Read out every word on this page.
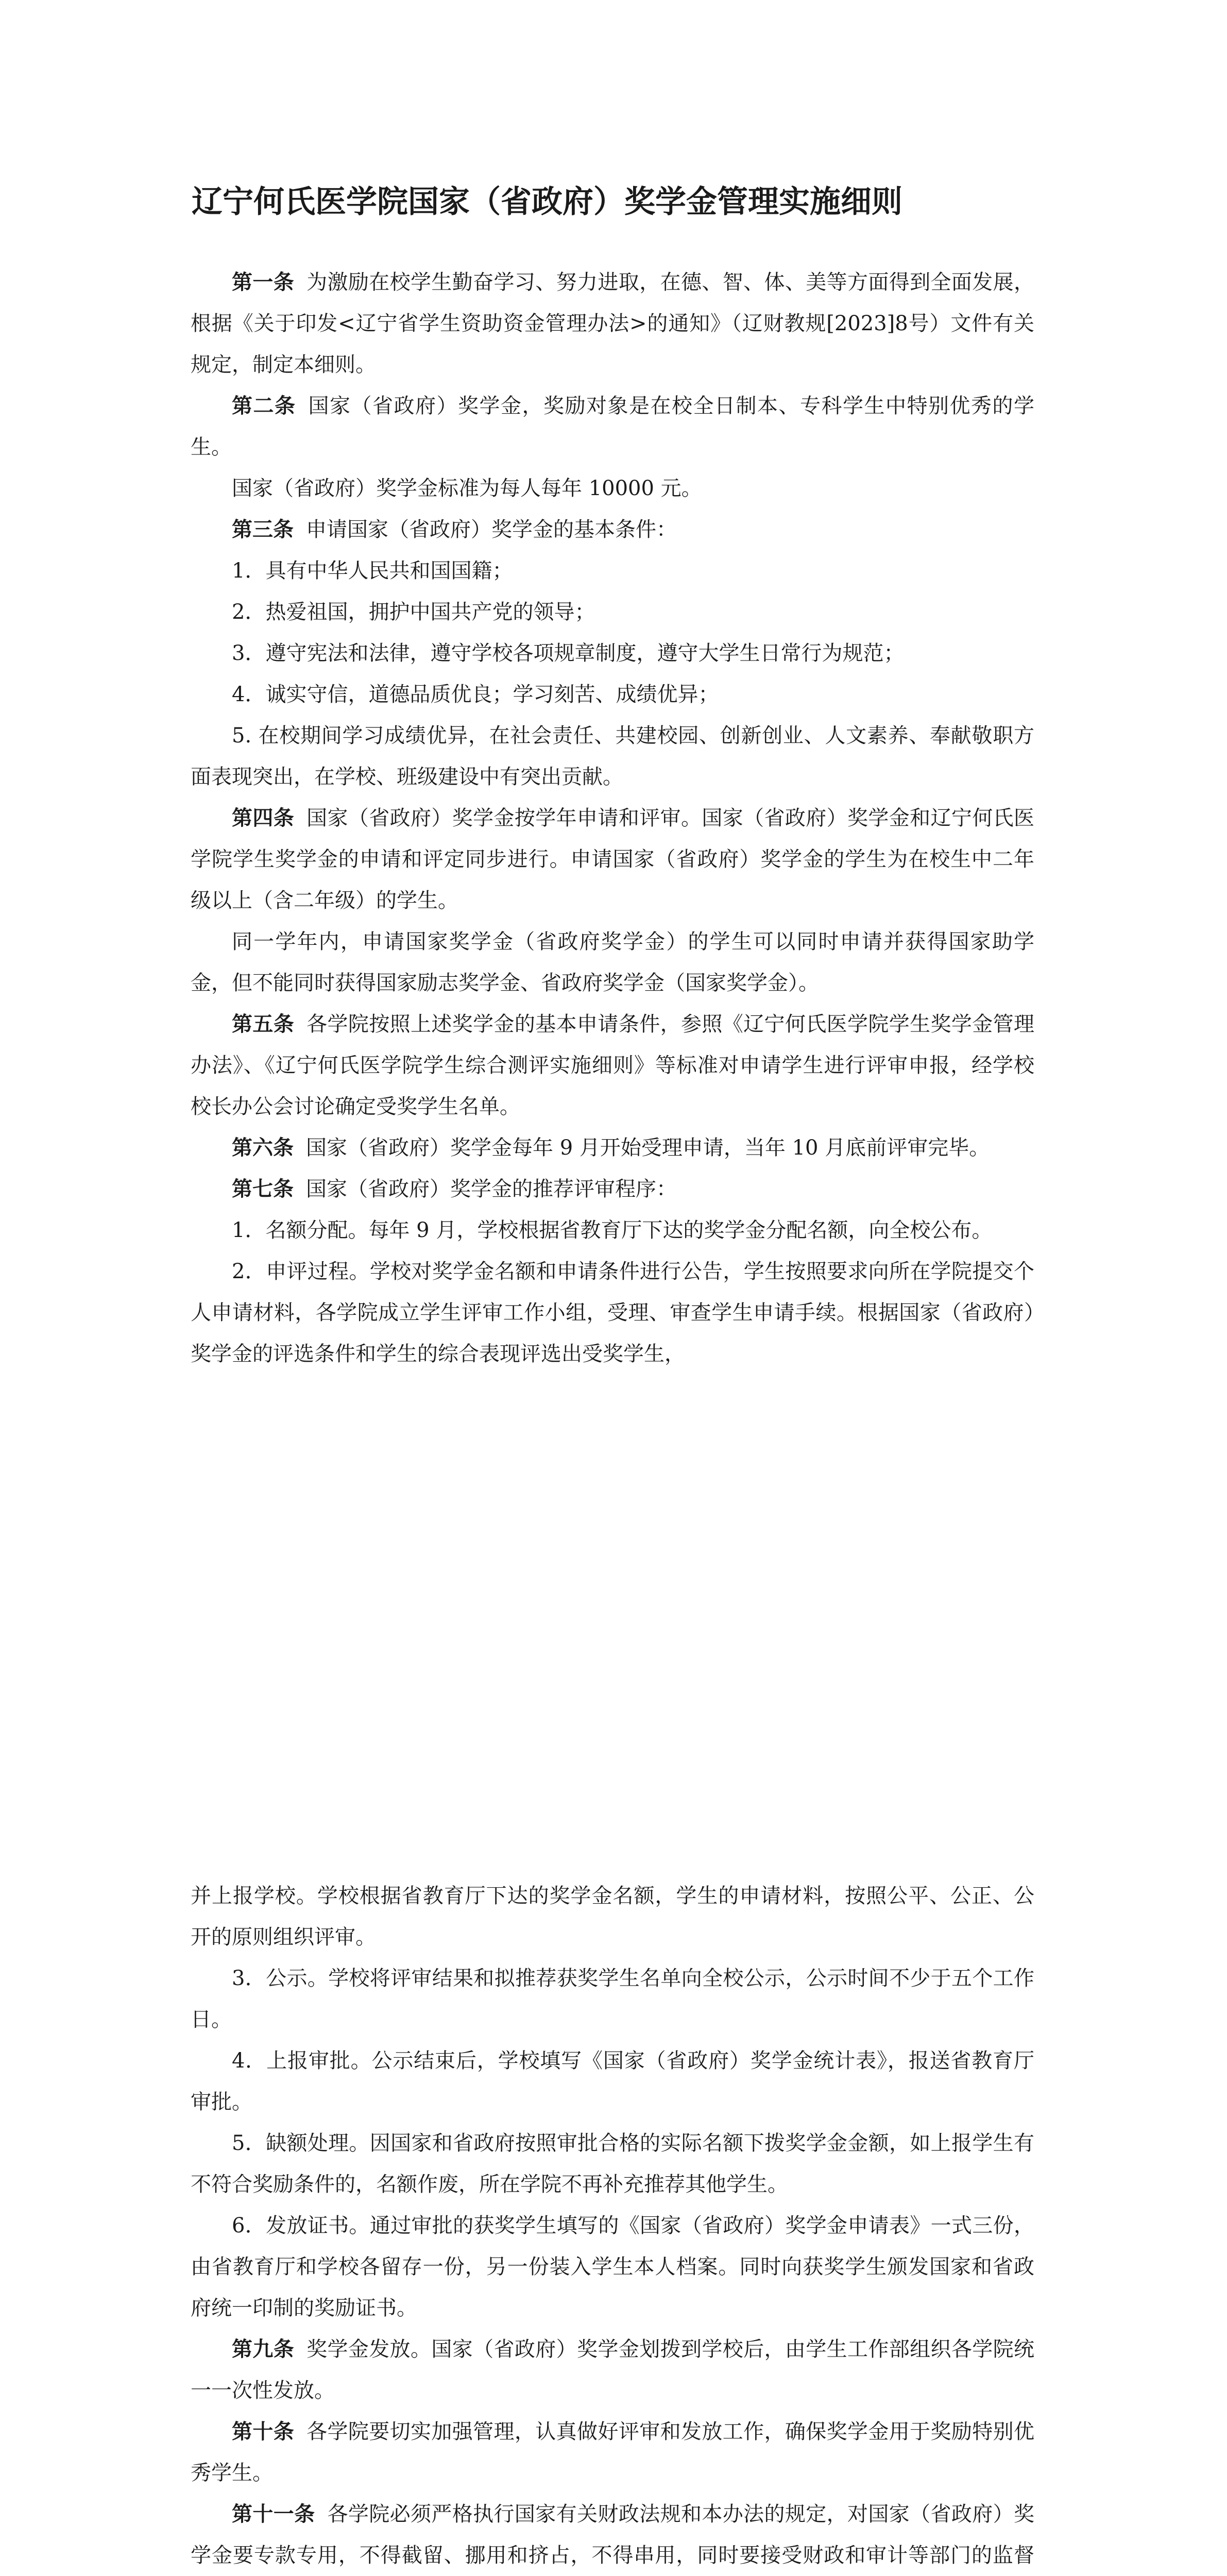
辽宁何氏医学院国家（省政府）奖学金管理实施细则

第一条 为激励在校学生勤奋学习、努力进取，在德、智、体、美等方面得到全面发展，根据《关于印发<辽宁省学生资助资金管理办法>的通知》（辽财教规[2023]8号）文件有关规定，制定本细则。

第二条 国家（省政府）奖学金，奖励对象是在校全日制本、专科学生中特别优秀的学生。

国家（省政府）奖学金标准为每人每年 10000 元。

第三条 申请国家（省政府）奖学金的基本条件：

1．具有中华人民共和国国籍；

2．热爱祖国，拥护中国共产党的领导；

3．遵守宪法和法律，遵守学校各项规章制度，遵守大学生日常行为规范；

4．诚实守信，道德品质优良；学习刻苦、成绩优异；

5. 在校期间学习成绩优异，在社会责任、共建校园、创新创业、人文素养、奉献敬职方面表现突出，在学校、班级建设中有突出贡献。

第四条 国家（省政府）奖学金按学年申请和评审。国家（省政府）奖学金和辽宁何氏医学院学生奖学金的申请和评定同步进行。申请国家（省政府）奖学金的学生为在校生中二年级以上（含二年级）的学生。

同一学年内，申请国家奖学金（省政府奖学金）的学生可以同时申请并获得国家助学金，但不能同时获得国家励志奖学金、省政府奖学金（国家奖学金）。

第五条 各学院按照上述奖学金的基本申请条件，参照《辽宁何氏医学院学生奖学金管理办法》、《辽宁何氏医学院学生综合测评实施细则》等标准对申请学生进行评审申报，经学校校长办公会讨论确定受奖学生名单。

第六条 国家（省政府）奖学金每年 9 月开始受理申请，当年 10 月底前评审完毕。

第七条 国家（省政府）奖学金的推荐评审程序：

1．名额分配。每年 9 月，学校根据省教育厅下达的奖学金分配名额，向全校公布。

2．申评过程。学校对奖学金名额和申请条件进行公告，学生按照要求向所在学院提交个人申请材料，各学院成立学生评审工作小组，受理、审查学生申请手续。根据国家（省政府）奖学金的评选条件和学生的综合表现评选出受奖学生，

并上报学校。学校根据省教育厅下达的奖学金名额，学生的申请材料，按照公平、公正、公开的原则组织评审。

3．公示。学校将评审结果和拟推荐获奖学生名单向全校公示，公示时间不少于五个工作日。

4．上报审批。公示结束后，学校填写《国家（省政府）奖学金统计表》，报送省教育厅审批。

5．缺额处理。因国家和省政府按照审批合格的实际名额下拨奖学金金额，如上报学生有不符合奖励条件的，名额作废，所在学院不再补充推荐其他学生。

6．发放证书。通过审批的获奖学生填写的《国家（省政府）奖学金申请表》一式三份，由省教育厅和学校各留存一份，另一份装入学生本人档案。同时向获奖学生颁发国家和省政府统一印制的奖励证书。

第九条 奖学金发放。国家（省政府）奖学金划拨到学校后，由学生工作部组织各学院统一一次性发放。

第十条 各学院要切实加强管理，认真做好评审和发放工作，确保奖学金用于奖励特别优秀学生。

第十一条 各学院必须严格执行国家有关财政法规和本办法的规定，对国家（省政府）奖学金要专款专用，不得截留、挪用和挤占，不得串用，同时要接受财政和审计等部门的监督
